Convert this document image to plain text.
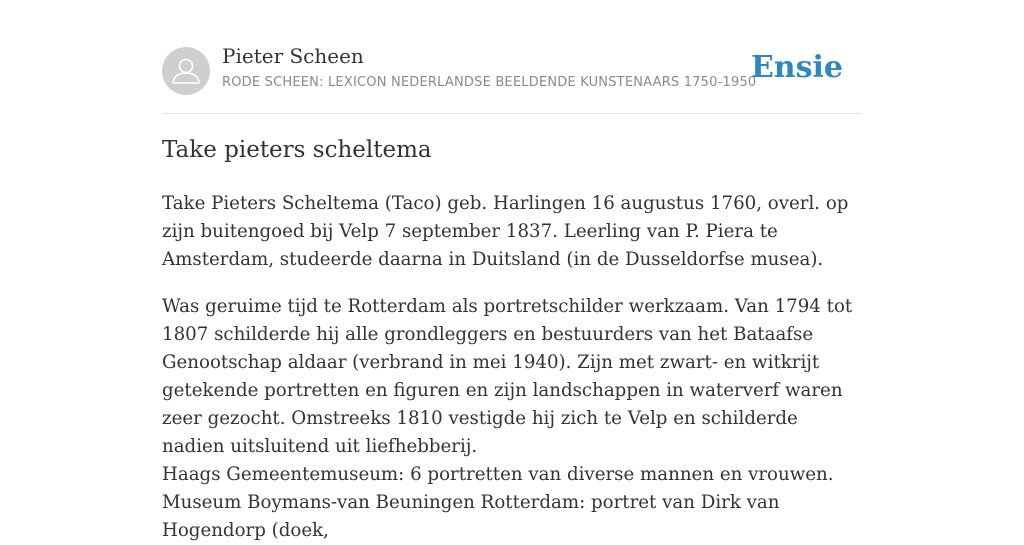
Pieter Scheen
RODE SCHEEN: LEXICON NEDERLANDSE BEELDENDE KUNSTENAARS 1750-1950
Ensie
Take pieters scheltema

Take Pieters Scheltema (Taco) geb. Harlingen 16 augustus 1760, overl. op zijn buitengoed bij Velp 7 september 1837. Leerling van P. Piera te Amsterdam, studeerde daarna in Duitsland (in de Dusseldorfse musea).

Was geruime tijd te Rotterdam als portretschilder werkzaam. Van 1794 tot 1807 schilderde hij alle grondleggers en bestuurders van het Bataafse Genootschap aldaar (verbrand in mei 1940). Zijn met zwart- en witkrijt getekende portretten en figuren en zijn landschappen in waterverf waren zeer gezocht. Omstreeks 1810 vestigde hij zich te Velp en schilderde nadien uitsluitend uit liefhebberij.

Haags Gemeentemuseum: 6 portretten van diverse mannen en vrouwen. Museum Boymans-van Beuningen Rotterdam: portret van Dirk van Hogendorp (doek,
